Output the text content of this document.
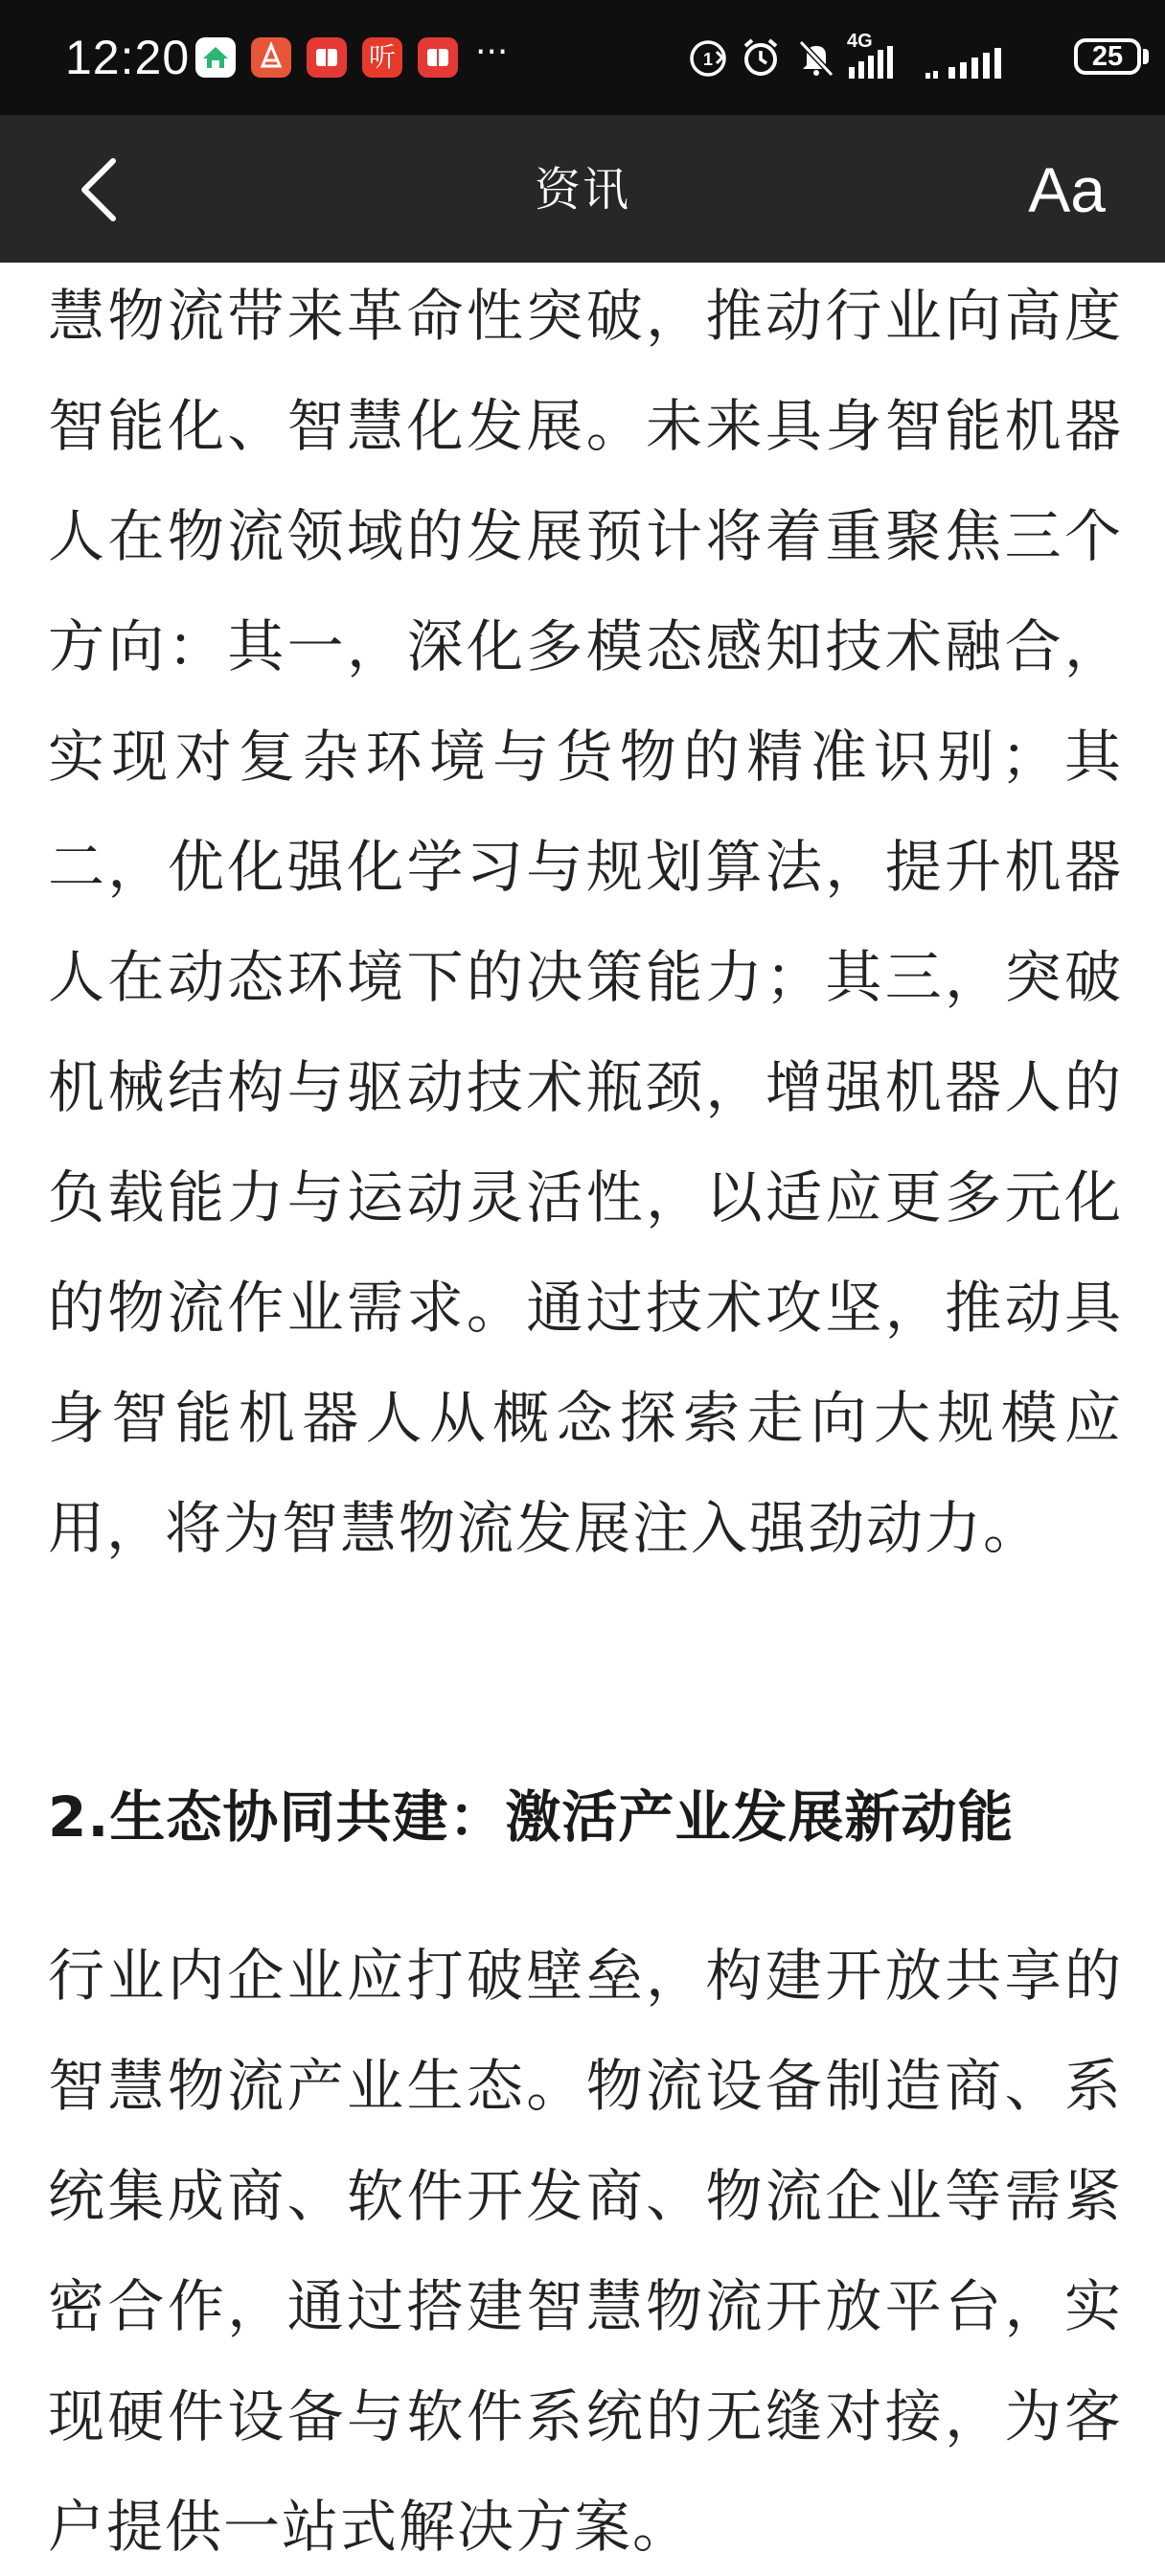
12:20	听 ···	1
4G	25
资讯	Aa

慧物流带来革命性突破，推动行业向高度智能化、智慧化发展。未来具身智能机器人在物流领域的发展预计将着重聚焦三个方向：其一，深化多模态感知技术融合，实现对复杂环境与货物的精准识别；其二，优化强化学习与规划算法，提升机器人在动态环境下的决策能力；其三，突破机械结构与驱动技术瓶颈，增强机器人的负载能力与运动灵活性，以适应更多元化的物流作业需求。通过技术攻坚，推动具身智能机器人从概念探索走向大规模应用，将为智慧物流发展注入强劲动力。

2.生态协同共建：激活产业发展新动能

行业内企业应打破壁垒，构建开放共享的智慧物流产业生态。物流设备制造商、系统集成商、软件开发商、物流企业等需紧密合作，通过搭建智慧物流开放平台，实现硬件设备与软件系统的无缝对接，为客户提供一站式解决方案。
